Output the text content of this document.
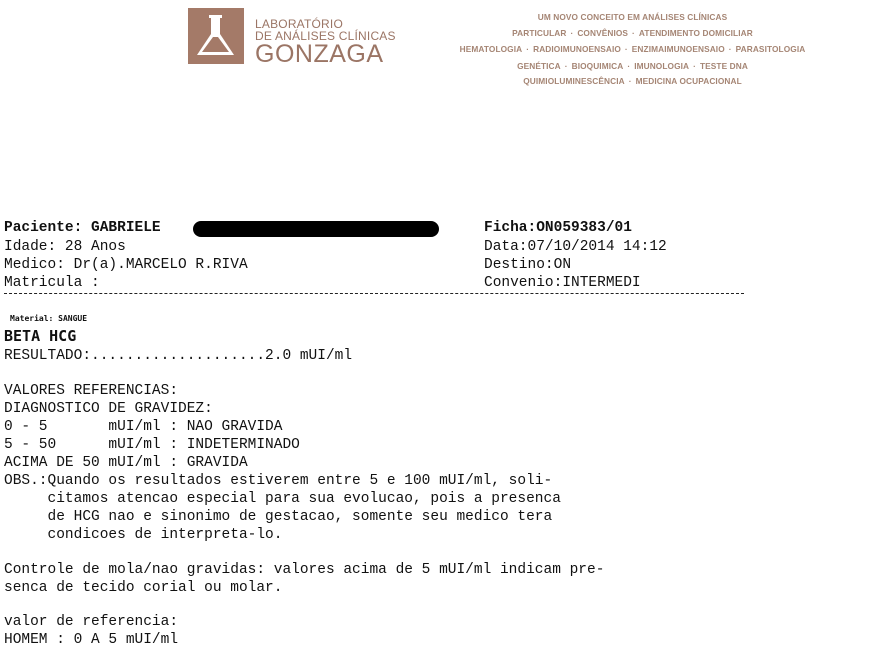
LABORATÓRIO
DE ANÁLISES CLÍNICAS
GONZAGA
UM NOVO CONCEITO EM ANÁLISES CLÍNICAS
PARTICULAR · CONVÊNIOS · ATENDIMENTO DOMICILIAR
HEMATOLOGIA · RADIOIMUNOENSAIO · ENZIMAIMUNOENSAIO · PARASITOLOGIA
GENÉTICA · BIOQUIMICA · IMUNOLOGIA · TESTE DNA
QUIMIOLUMINESCÊNCIA · MEDICINA OCUPACIONAL
Paciente: GABRIELE	Ficha:ON059383/01
Idade: 28 Anos	Data:07/10/2014 14:12
Medico: Dr(a).MARCELO R.RIVA	Destino:ON
Matricula :	Convenio:INTERMEDI
Material: SANGUE
BETA HCG
RESULTADO:....................2.0 mUI/ml
VALORES REFERENCIAS:
DIAGNOSTICO DE GRAVIDEZ:
0 - 5       mUI/ml : NAO GRAVIDA
5 - 50      mUI/ml : INDETERMINADO
ACIMA DE 50 mUI/ml : GRAVIDA
OBS.:Quando os resultados estiverem entre 5 e 100 mUI/ml, soli-
citamos atencao especial para sua evolucao, pois a presenca
de HCG nao e sinonimo de gestacao, somente seu medico tera
condicoes de interpreta-lo.
Controle de mola/nao gravidas: valores acima de 5 mUI/ml indicam pre-
senca de tecido corial ou molar.
valor de referencia:
HOMEM : 0 A 5 mUI/ml
